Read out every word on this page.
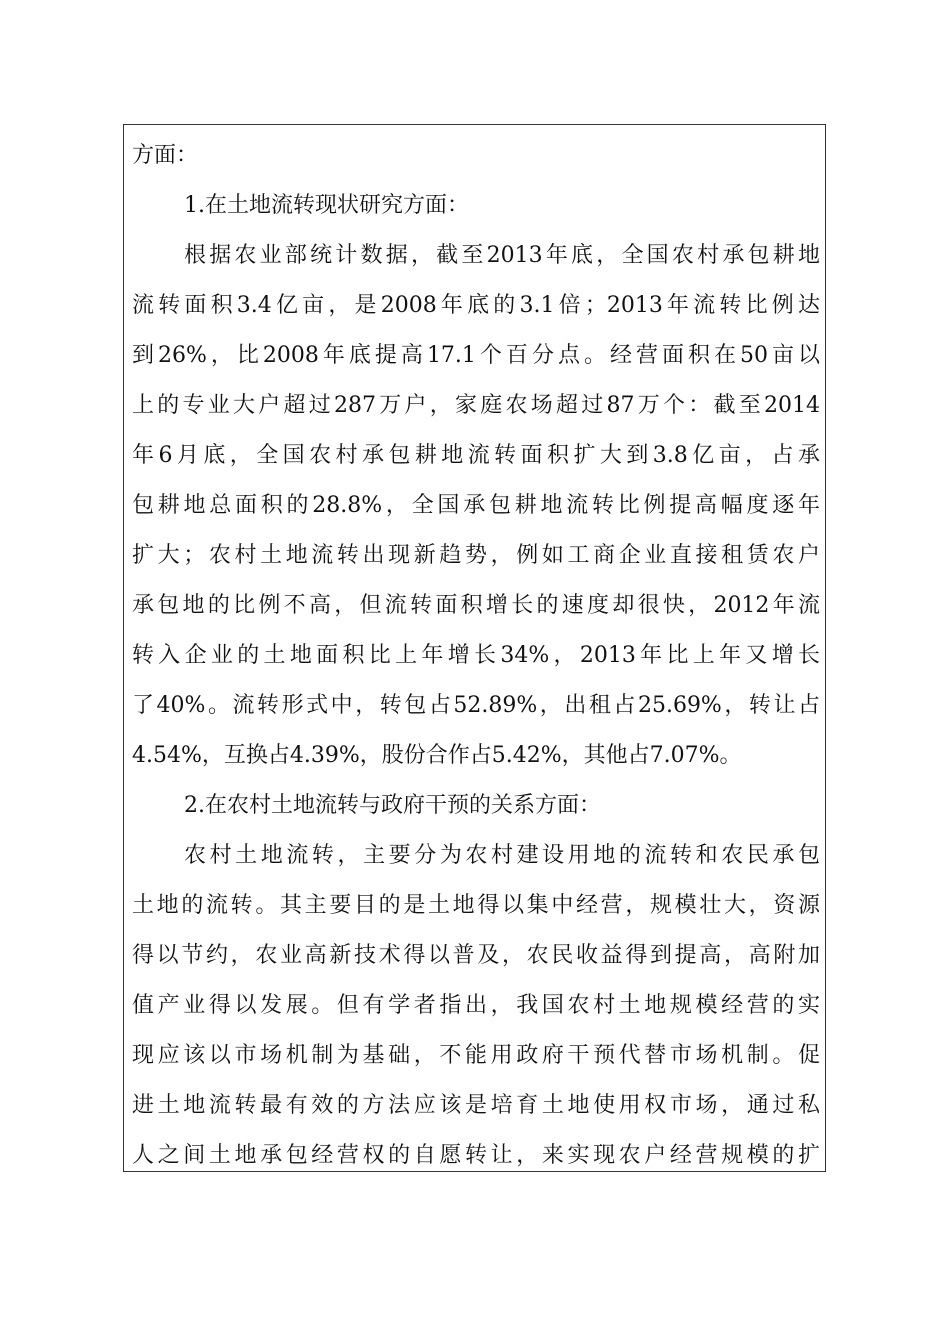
方面：
1.在土地流转现状研究方面：
根据农业部统计数据，截至2013年底，全国农村承包耕地
流转面积3.4亿亩，是2008年底的3.1倍；2013年流转比例达
到26%，比2008年底提高17.1个百分点。经营面积在50亩以
上的专业大户超过287万户，家庭农场超过87万个：截至2014
年6月底，全国农村承包耕地流转面积扩大到3.8亿亩，占承
包耕地总面积的28.8%，全国承包耕地流转比例提高幅度逐年
扩大；农村土地流转出现新趋势，例如工商企业直接租赁农户
承包地的比例不高，但流转面积增长的速度却很快，2012年流
转入企业的土地面积比上年增长34%，2013年比上年又增长
了40%。流转形式中，转包占52.89%，出租占25.69%，转让占
4.54%，互换占4.39%，股份合作占5.42%，其他占7.07%。
2.在农村土地流转与政府干预的关系方面：
农村土地流转，主要分为农村建设用地的流转和农民承包
土地的流转。其主要目的是土地得以集中经营，规模壮大，资源
得以节约，农业高新技术得以普及，农民收益得到提高，高附加
值产业得以发展。但有学者指出，我国农村土地规模经营的实
现应该以市场机制为基础，不能用政府干预代替市场机制。促
进土地流转最有效的方法应该是培育土地使用权市场，通过私
人之间土地承包经营权的自愿转让，来实现农户经营规模的扩
